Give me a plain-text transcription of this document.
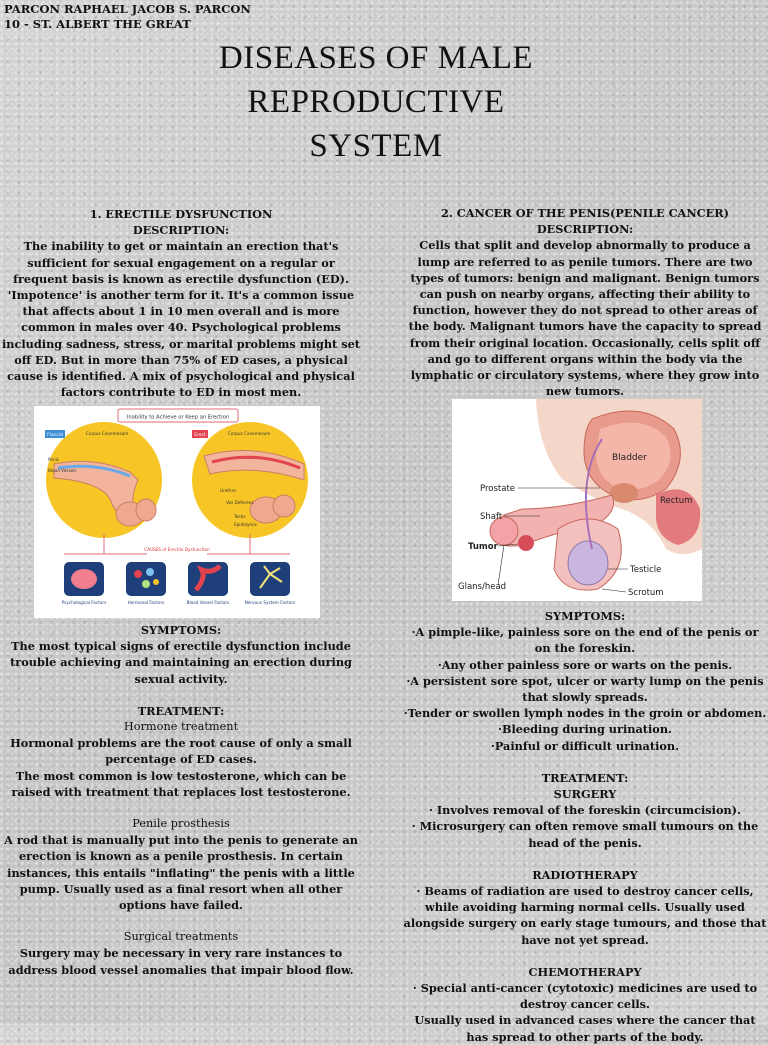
PARCON RAPHAEL JACOB S. PARCON
10 - ST. ALBERT THE GREAT
DISEASES OF MALE
REPRODUCTIVE
SYSTEM

1. ERECTILE DYSFUNCTION

DESCRIPTION:

The inability to get or maintain an erection that's sufficient for sexual engagement on a regular or frequent basis is known as erectile dysfunction (ED). 'Impotence' is another term for it. It's a common issue that affects about 1 in 10 men overall and is more common in males over 40. Psychological problems including sadness, stress, or marital problems might set off ED. But in more than 75% of ED cases, a physical cause is identified. A mix of psychological and physical factors contribute to ED in most men.

Inability to Achieve or Keep an Erection
Flaccid	Erect
Corpus Cavernosum
Penis
Blood Vessels
Corpus Cavernosum
Urethra
Vas Deferens
Testis
Epididymis
CAUSES of Erectile Dysfunction
Psychological Factors	Hormonal Factors	Blood Vessel Factors	Nervous System Factors

SYMPTOMS:

The most typical signs of erectile dysfunction include trouble achieving and maintaining an erection during sexual activity.

TREATMENT:

Hormone treatment

Hormonal problems are the root cause of only a small percentage of ED cases.

The most common is low testosterone, which can be raised with treatment that replaces lost testosterone.

Penile prosthesis

A rod that is manually put into the penis to generate an erection is known as a penile prosthesis. In certain instances, this entails "inflating" the penis with a little pump. Usually used as a final resort when all other options have failed.

Surgical treatments

Surgery may be necessary in very rare instances to address blood vessel anomalies that impair blood flow.

2. CANCER OF THE PENIS(PENILE CANCER)

DESCRIPTION:

Cells that split and develop abnormally to produce a lump are referred to as penile tumors. There are two types of tumors: benign and malignant. Benign tumors can push on nearby organs, affecting their ability to function, however they do not spread to other areas of the body. Malignant tumors have the capacity to spread from their original location. Occasionally, cells split off and go to different organs within the body via the lymphatic or circulatory systems, where they grow into new tumors.

Bladder
Prostate
Rectum
Shaft
Tumor
Testicle
Glans/head
Scrotum

SYMPTOMS:

·A pimple-like, painless sore on the end of the penis or on the foreskin.

·Any other painless sore or warts on the penis.

·A persistent sore spot, ulcer or warty lump on the penis that slowly spreads.

·Tender or swollen lymph nodes in the groin or abdomen.

·Bleeding during urination.

·Painful or difficult urination.

TREATMENT:

SURGERY

· Involves removal of the foreskin (circumcision).

· Microsurgery can often remove small tumours on the head of the penis.

RADIOTHERAPY

· Beams of radiation are used to destroy cancer cells, while avoiding harming normal cells. Usually used alongside surgery on early stage tumours, and those that have not yet spread.

CHEMOTHERAPY

· Special anti-cancer (cytotoxic) medicines are used to destroy cancer cells.

Usually used in advanced cases where the cancer that has spread to other parts of the body.
